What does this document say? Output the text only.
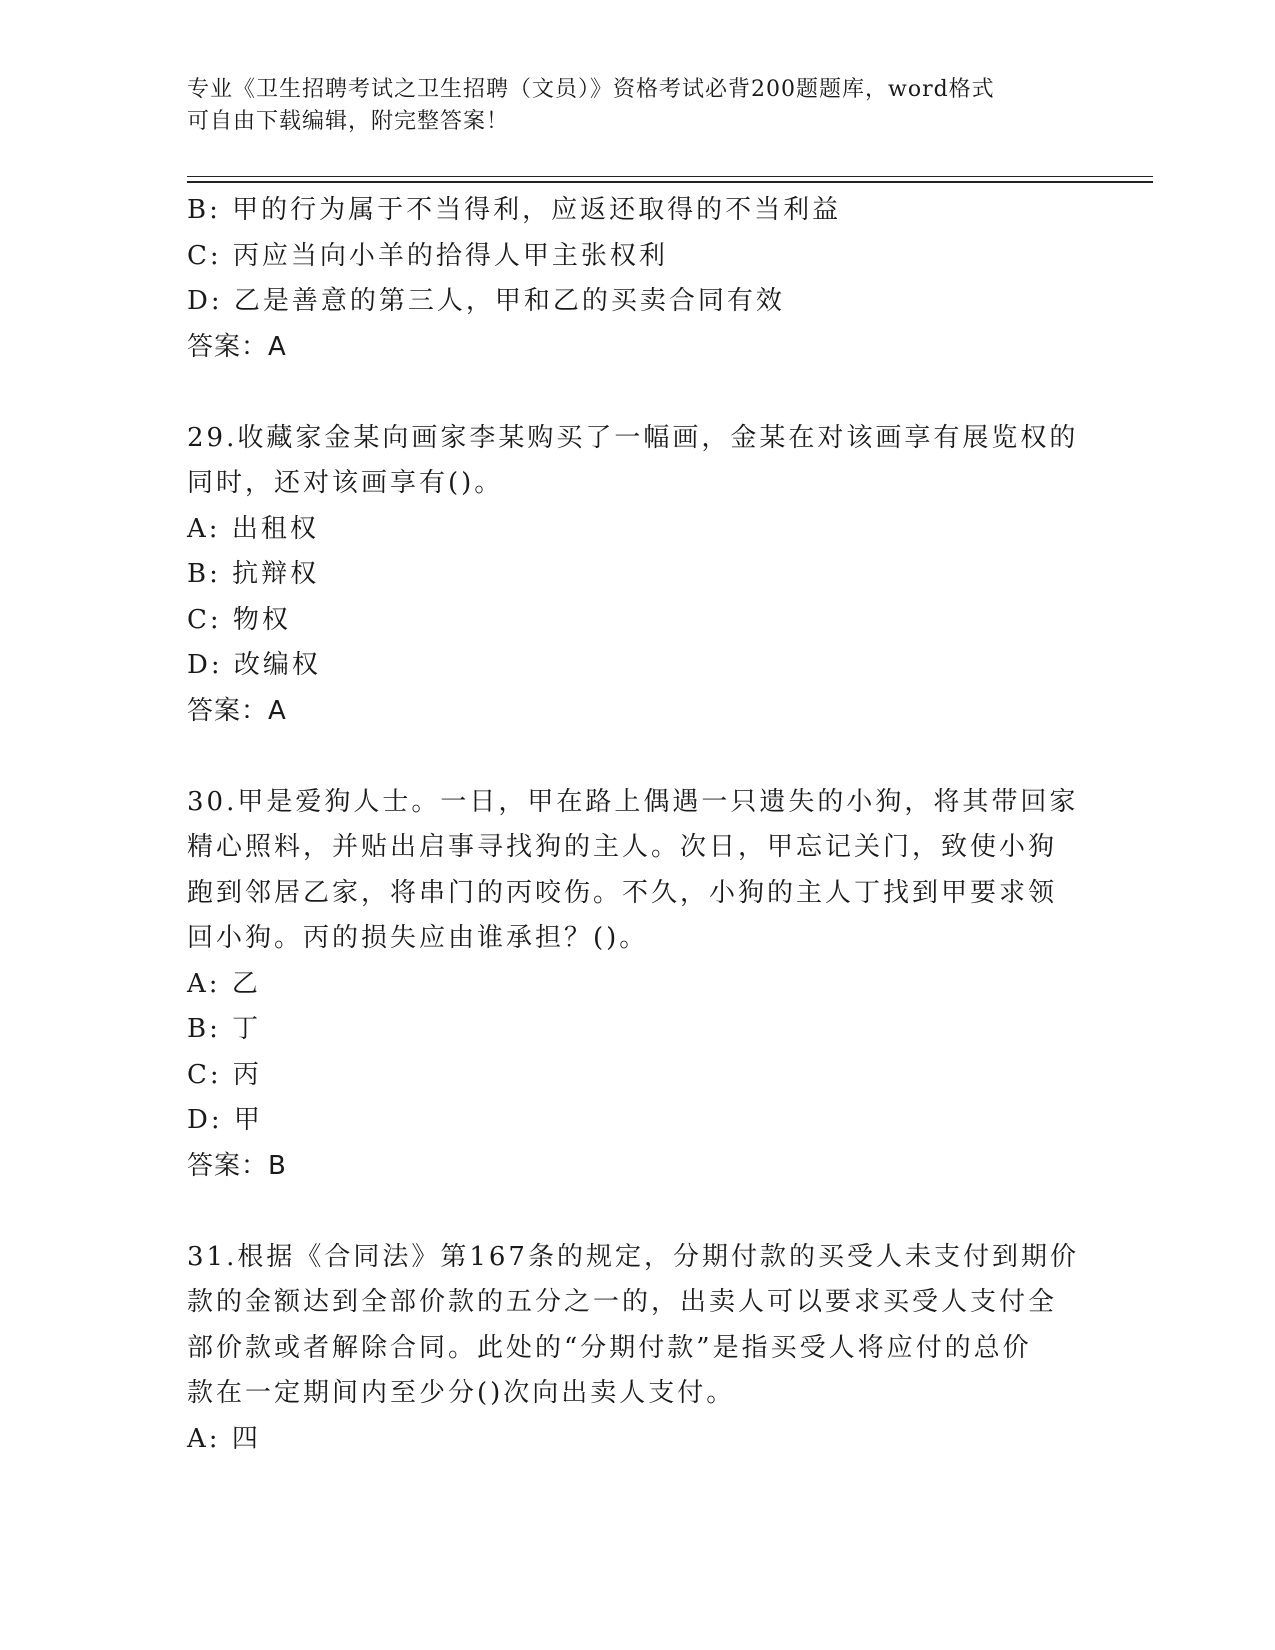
专业《卫生招聘考试之卫生招聘（文员）》资格考试必背200题题库，word格式
可自由下载编辑，附完整答案！
B: 甲的行为属于不当得利，应返还取得的不当利益
C: 丙应当向小羊的拾得人甲主张权利
D: 乙是善意的第三人，甲和乙的买卖合同有效
答案：A
29.收藏家金某向画家李某购买了一幅画，金某在对该画享有展览权的
同时，还对该画享有()。
A: 出租权
B: 抗辩权
C: 物权
D: 改编权
答案：A
30.甲是爱狗人士。一日，甲在路上偶遇一只遗失的小狗，将其带回家
精心照料，并贴出启事寻找狗的主人。次日，甲忘记关门，致使小狗
跑到邻居乙家，将串门的丙咬伤。不久，小狗的主人丁找到甲要求领
回小狗。丙的损失应由谁承担？()。
A: 乙
B: 丁
C: 丙
D: 甲
答案：B
31.根据《合同法》第167条的规定，分期付款的买受人未支付到期价
款的金额达到全部价款的五分之一的，出卖人可以要求买受人支付全
部价款或者解除合同。此处的“分期付款”是指买受人将应付的总价
款在一定期间内至少分()次向出卖人支付。
A: 四
